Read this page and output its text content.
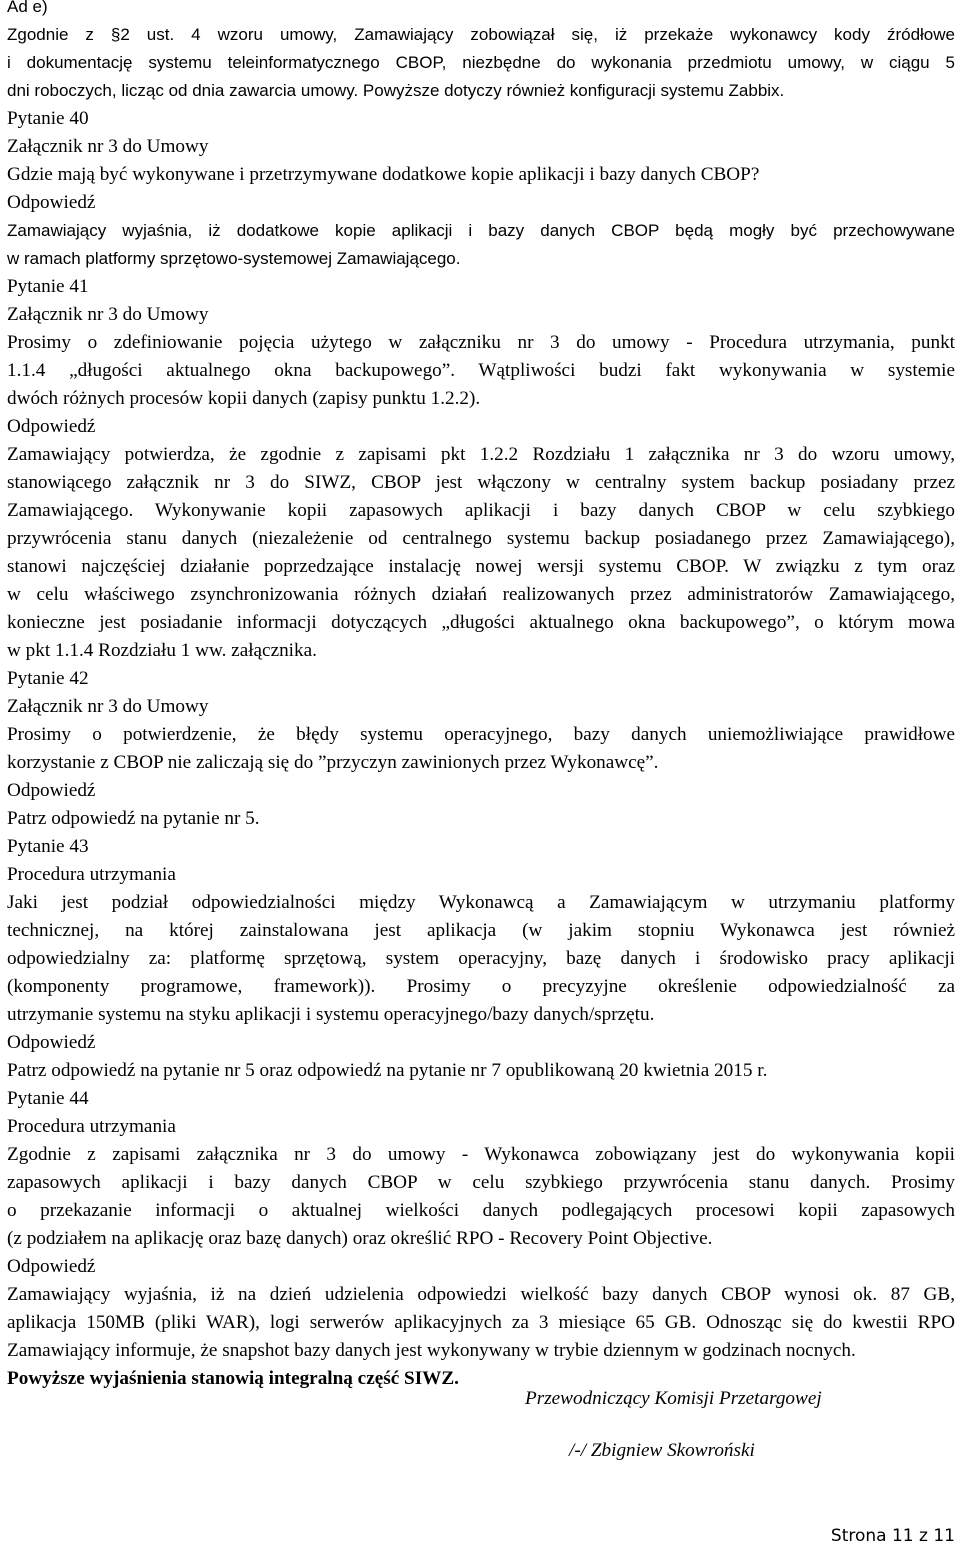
Ad e)
Zgodnie z §2 ust. 4 wzoru umowy, Zamawiający zobowiązał się, iż przekaże wykonawcy kody źródłowe
i dokumentację systemu teleinformatycznego CBOP, niezbędne do wykonania przedmiotu umowy, w ciągu 5
dni roboczych, licząc od dnia zawarcia umowy. Powyższe dotyczy również konfiguracji systemu Zabbix.
Pytanie 40
Załącznik nr 3 do Umowy
Gdzie mają być wykonywane i przetrzymywane dodatkowe kopie aplikacji i bazy danych CBOP?
Odpowiedź
Zamawiający wyjaśnia, iż dodatkowe kopie aplikacji i bazy danych CBOP będą mogły być przechowywane
w ramach platformy sprzętowo-systemowej Zamawiającego.
Pytanie 41
Załącznik nr 3 do Umowy
Prosimy o zdefiniowanie pojęcia użytego w załączniku nr 3 do umowy - Procedura utrzymania, punkt
1.1.4 „długości aktualnego okna backupowego”. Wątpliwości budzi fakt wykonywania w systemie
dwóch różnych procesów kopii danych (zapisy punktu 1.2.2).
Odpowiedź
Zamawiający potwierdza, że zgodnie z zapisami pkt 1.2.2 Rozdziału 1 załącznika nr 3 do wzoru umowy,
stanowiącego załącznik nr 3 do SIWZ, CBOP jest włączony w centralny system backup posiadany przez
Zamawiającego. Wykonywanie kopii zapasowych aplikacji i bazy danych CBOP w celu szybkiego
przywrócenia stanu danych (niezależenie od centralnego systemu backup posiadanego przez Zamawiającego),
stanowi najczęściej działanie poprzedzające instalację nowej wersji systemu CBOP. W związku z tym oraz
w celu właściwego zsynchronizowania różnych działań realizowanych przez administratorów Zamawiającego,
konieczne jest posiadanie informacji dotyczących „długości aktualnego okna backupowego”, o którym mowa
w pkt 1.1.4 Rozdziału 1 ww. załącznika.
Pytanie 42
Załącznik nr 3 do Umowy
Prosimy o potwierdzenie, że błędy systemu operacyjnego, bazy danych uniemożliwiające prawidłowe
korzystanie z CBOP nie zaliczają się do ”przyczyn zawinionych przez Wykonawcę”.
Odpowiedź
Patrz odpowiedź na pytanie nr 5.
Pytanie 43
Procedura utrzymania
Jaki jest podział odpowiedzialności między Wykonawcą a Zamawiającym w utrzymaniu platformy
technicznej, na której zainstalowana jest aplikacja (w jakim stopniu Wykonawca jest również
odpowiedzialny za: platformę sprzętową, system operacyjny, bazę danych i środowisko pracy aplikacji
(komponenty programowe, framework)). Prosimy o precyzyjne określenie odpowiedzialność za
utrzymanie systemu na styku aplikacji i systemu operacyjnego/bazy danych/sprzętu.
Odpowiedź
Patrz odpowiedź na pytanie nr 5 oraz odpowiedź na pytanie nr 7 opublikowaną 20 kwietnia 2015 r.
Pytanie 44
Procedura utrzymania
Zgodnie z zapisami załącznika nr 3 do umowy - Wykonawca zobowiązany jest do wykonywania kopii
zapasowych aplikacji i bazy danych CBOP w celu szybkiego przywrócenia stanu danych. Prosimy
o przekazanie informacji o aktualnej wielkości danych podlegających procesowi kopii zapasowych
(z podziałem na aplikację oraz bazę danych) oraz określić RPO - Recovery Point Objective.
Odpowiedź
Zamawiający wyjaśnia, iż na dzień udzielenia odpowiedzi wielkość bazy danych CBOP wynosi ok. 87 GB,
aplikacja 150MB (pliki WAR), logi serwerów aplikacyjnych za 3 miesiące 65 GB. Odnosząc się do kwestii RPO
Zamawiający informuje, że snapshot bazy danych jest wykonywany w trybie dziennym w godzinach nocnych.
Powyższe wyjaśnienia stanowią integralną część SIWZ.
Przewodniczący Komisji Przetargowej
/-/ Zbigniew Skowroński
Strona 11 z 11
